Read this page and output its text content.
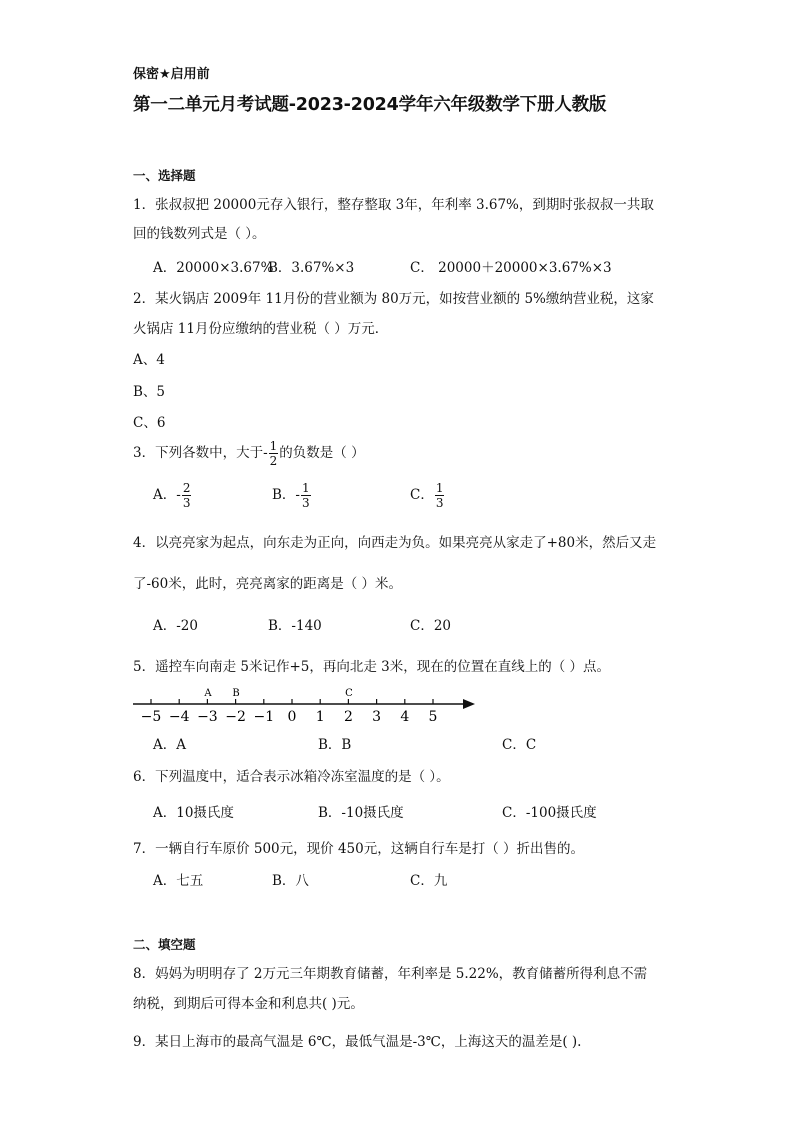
保密★启用前
第一二单元月考试题-2023-2024学年六年级数学下册人教版
一、选择题
1．张叔叔把 20000元存入银行，整存整取 3年，年利率 3.67%，到期时张叔叔一共取
回的钱数列式是（ ）。
A．20000×3.67%
B．3.67%×3	C． 20000＋20000×3.67%×3
2．某火锅店 2009年 11月份的营业额为 80万元，如按营业额的 5%缴纳营业税，这家
火锅店 11月份应缴纳的营业税（ ）万元．
A、4
B、5
C、6
3．下列各数中，大于- $\frac{1}{2}$ 的负数是（ ）
A．- $\frac{2}{3}$	B．- $\frac{1}{3}$	C． $\frac{1}{3}$
4．以亮亮家为起点，向东走为正向，向西走为负。如果亮亮从家走了+80米，然后又走
了-60米，此时，亮亮离家的距离是（ ）米。
A．-20	B．-140	C．20
5．遥控车向南走 5米记作+5，再向北走 3米，现在的位置在直线上的（ ）点。
−5 −4 −3 −2 −1 0 1 2 3 4 5
A B	C
A．A	B．B	C．C
6．下列温度中，适合表示冰箱冷冻室温度的是（ ）。
A．10摄氏度	B．-10摄氏度	C．-100摄氏度
7．一辆自行车原价 500元，现价 450元，这辆自行车是打（ ）折出售的。
A．七五	B．八	C．九
二、填空题
8．妈妈为明明存了 2万元三年期教育储蓄，年利率是 5.22%，教育储蓄所得利息不需
纳税，到期后可得本金和利息共( )元。
9．某日上海市的最高气温是 6℃，最低气温是-3℃，上海这天的温差是( ).
